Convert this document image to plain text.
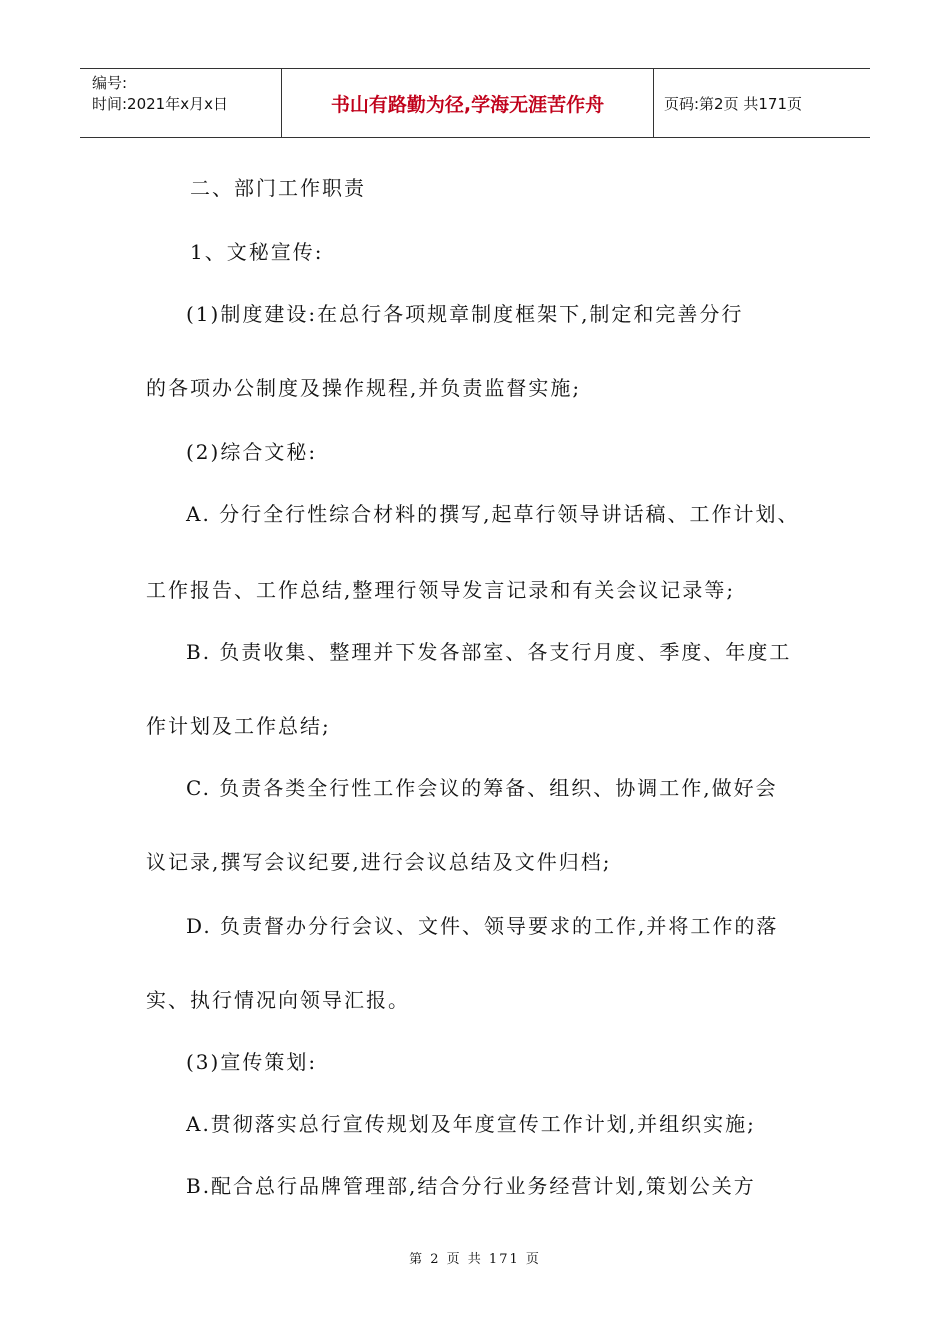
编号:
时间:2021年x月x日	书山有路勤为径,学海无涯苦作舟	页码:第2页 共171页
二、部门工作职责
1、文秘宣传:
(1)制度建设:在总行各项规章制度框架下,制定和完善分行
的各项办公制度及操作规程,并负责监督实施;
(2)综合文秘:
A. 分行全行性综合材料的撰写,起草行领导讲话稿、工作计划、
工作报告、工作总结,整理行领导发言记录和有关会议记录等;
B. 负责收集、整理并下发各部室、各支行月度、季度、年度工
作计划及工作总结;
C. 负责各类全行性工作会议的筹备、组织、协调工作,做好会
议记录,撰写会议纪要,进行会议总结及文件归档;
D. 负责督办分行会议、文件、领导要求的工作,并将工作的落
实、执行情况向领导汇报。
(3)宣传策划:
A.贯彻落实总行宣传规划及年度宣传工作计划,并组织实施;
B.配合总行品牌管理部,结合分行业务经营计划,策划公关方
第 2 页 共 171 页
